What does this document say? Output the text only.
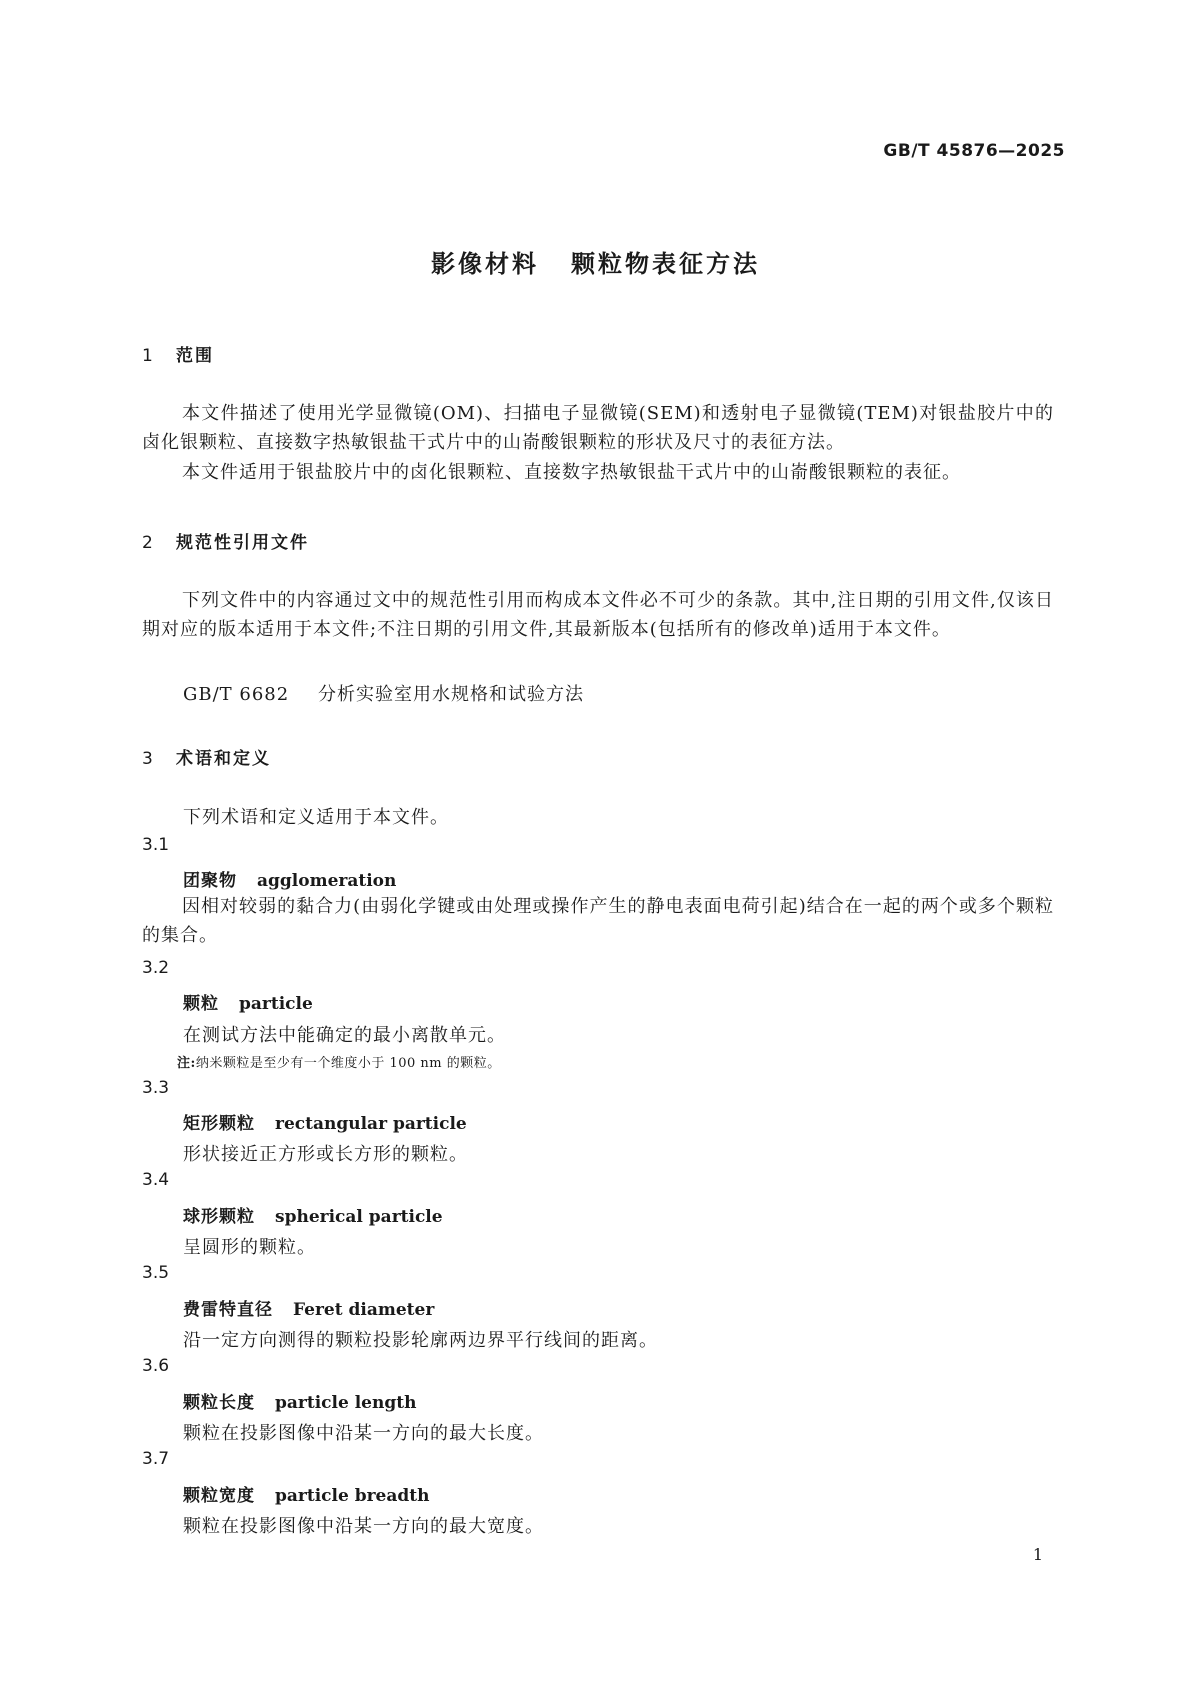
GB/T 45876—2025
影像材料 颗粒物表征方法
1 范围
本文件描述了使用光学显微镜(OM)、扫描电子显微镜(SEM)和透射电子显微镜(TEM)对银盐胶片中的卤化银颗粒、直接数字热敏银盐干式片中的山嵛酸银颗粒的形状及尺寸的表征方法。
本文件适用于银盐胶片中的卤化银颗粒、直接数字热敏银盐干式片中的山嵛酸银颗粒的表征。
2 规范性引用文件
下列文件中的内容通过文中的规范性引用而构成本文件必不可少的条款。其中,注日期的引用文件,仅该日期对应的版本适用于本文件;不注日期的引用文件,其最新版本(包括所有的修改单)适用于本文件。
GB/T 6682 分析实验室用水规格和试验方法
3 术语和定义
下列术语和定义适用于本文件。
3.1
团聚物 agglomeration
因相对较弱的黏合力(由弱化学键或由处理或操作产生的静电表面电荷引起)结合在一起的两个或多个颗粒的集合。
3.2
颗粒 particle
在测试方法中能确定的最小离散单元。
注:纳米颗粒是至少有一个维度小于 100 nm 的颗粒。
3.3
矩形颗粒 rectangular particle
形状接近正方形或长方形的颗粒。
3.4
球形颗粒 spherical particle
呈圆形的颗粒。
3.5
费雷特直径 Feret diameter
沿一定方向测得的颗粒投影轮廓两边界平行线间的距离。
3.6
颗粒长度 particle length
颗粒在投影图像中沿某一方向的最大长度。
3.7
颗粒宽度 particle breadth
颗粒在投影图像中沿某一方向的最大宽度。
1
